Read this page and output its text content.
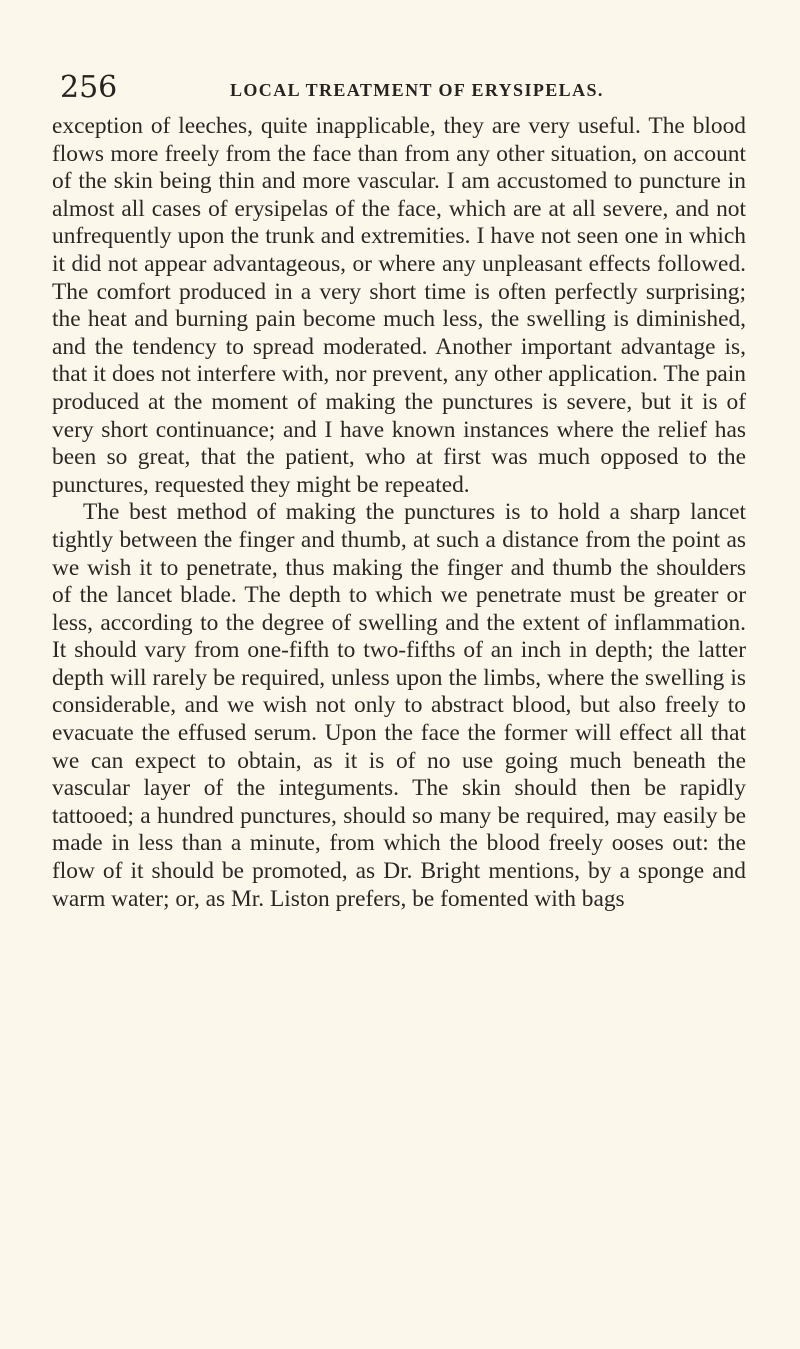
256	LOCAL TREATMENT OF ERYSIPELAS.

exception of leeches, quite inapplicable, they are very useful. The blood flows more freely from the face than from any other situation, on account of the skin being thin and more vascular. I am accustomed to puncture in almost all cases of erysipelas of the face, which are at all severe, and not unfrequently upon the trunk and extremities. I have not seen one in which it did not appear advantageous, or where any unpleasant effects followed. The comfort produced in a very short time is often perfectly surprising; the heat and burning pain become much less, the swelling is diminished, and the tendency to spread moderated. Another important advantage is, that it does not interfere with, nor prevent, any other application. The pain produced at the moment of making the punctures is severe, but it is of very short continuance; and I have known instances where the relief has been so great, that the patient, who at first was much opposed to the punctures, requested they might be repeated.

The best method of making the punctures is to hold a sharp lancet tightly between the finger and thumb, at such a distance from the point as we wish it to penetrate, thus making the finger and thumb the shoulders of the lancet blade. The depth to which we penetrate must be greater or less, according to the degree of swelling and the extent of inflammation. It should vary from one-fifth to two-fifths of an inch in depth; the latter depth will rarely be required, unless upon the limbs, where the swelling is considerable, and we wish not only to abstract blood, but also freely to evacuate the effused serum. Upon the face the former will effect all that we can expect to obtain, as it is of no use going much beneath the vascular layer of the integuments. The skin should then be rapidly tattooed; a hundred punctures, should so many be required, may easily be made in less than a minute, from which the blood freely ooses out: the flow of it should be promoted, as Dr. Bright mentions, by a sponge and warm water; or, as Mr. Liston prefers, be fomented with bags
